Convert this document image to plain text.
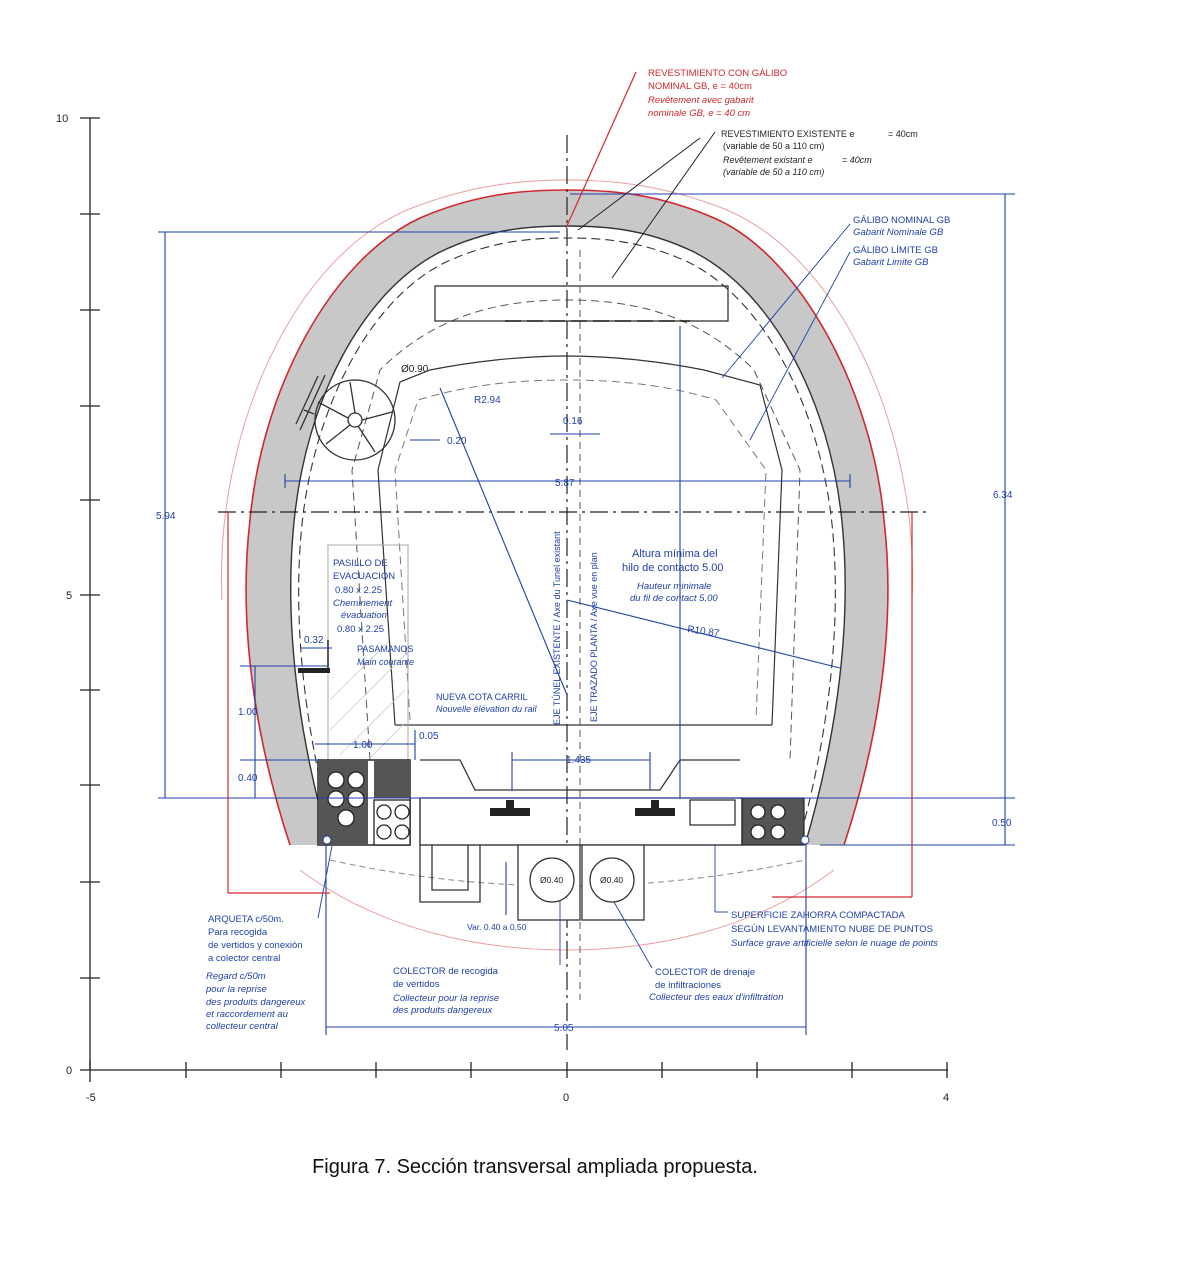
10
5
0
-5	0	4
REVESTIMIENTO CON GÁLIBO
NOMINAL GB, e = 40cm
Revêtement avec gabarit
nominale GB, e = 40 cm
REVESTIMIENTO EXISTENTE e	= 40cm
(variable de 50 a 110 cm)
Revêtement existant e	= 40cm
(variable de 50 a 110 cm)
GÁLIBO NOMINAL GB
Gabarit Nominale GB
GÁLIBO LÍMITE GB
Gabarit Limite GB
PASILLO DE
EVACUACIÓN
0.80 x 2.25
Cheminement
évacuation
0.80 x 2.25
PASAMANOS
Main courante
NUEVA COTA CARRIL
Nouvelle élévation du rail
Altura mínima del
hilo de contacto 5.00
Hauteur minimale
du fil de contact 5.00
EJE TÚNEL EXISTENTE / Axe du Tunel existant	EJE TRAZADO PLANTA / Axe vue en plan
ARQUETA c/50m.
Para recogida
de vertidos y conexión
a colector central
Regard c/50m
pour la reprise
des produits dangereux
et raccordement au
collecteur central
COLECTOR de recogida
de vertidos
Collecteur pour la reprise
des produits dangereux
COLECTOR de drenaje
de infiltraciones
Collecteur des eaux d'infiltration
SUPERFICIE ZAHORRA COMPACTADA
SEGÚN LEVANTAMIENTO NUBE DE PUNTOS
Surface grave artificielle selon le nuage de points
Ø0.90
R2.94
0.20
0.16
5.87
5.94
6.34
R10.87
0.32
1.00
1.00
0.05
0.40
1.435
0.50
Ø0.40	Ø0.40
Var. 0.40 a 0.50
5.05
Figura 7. Sección transversal ampliada propuesta.
